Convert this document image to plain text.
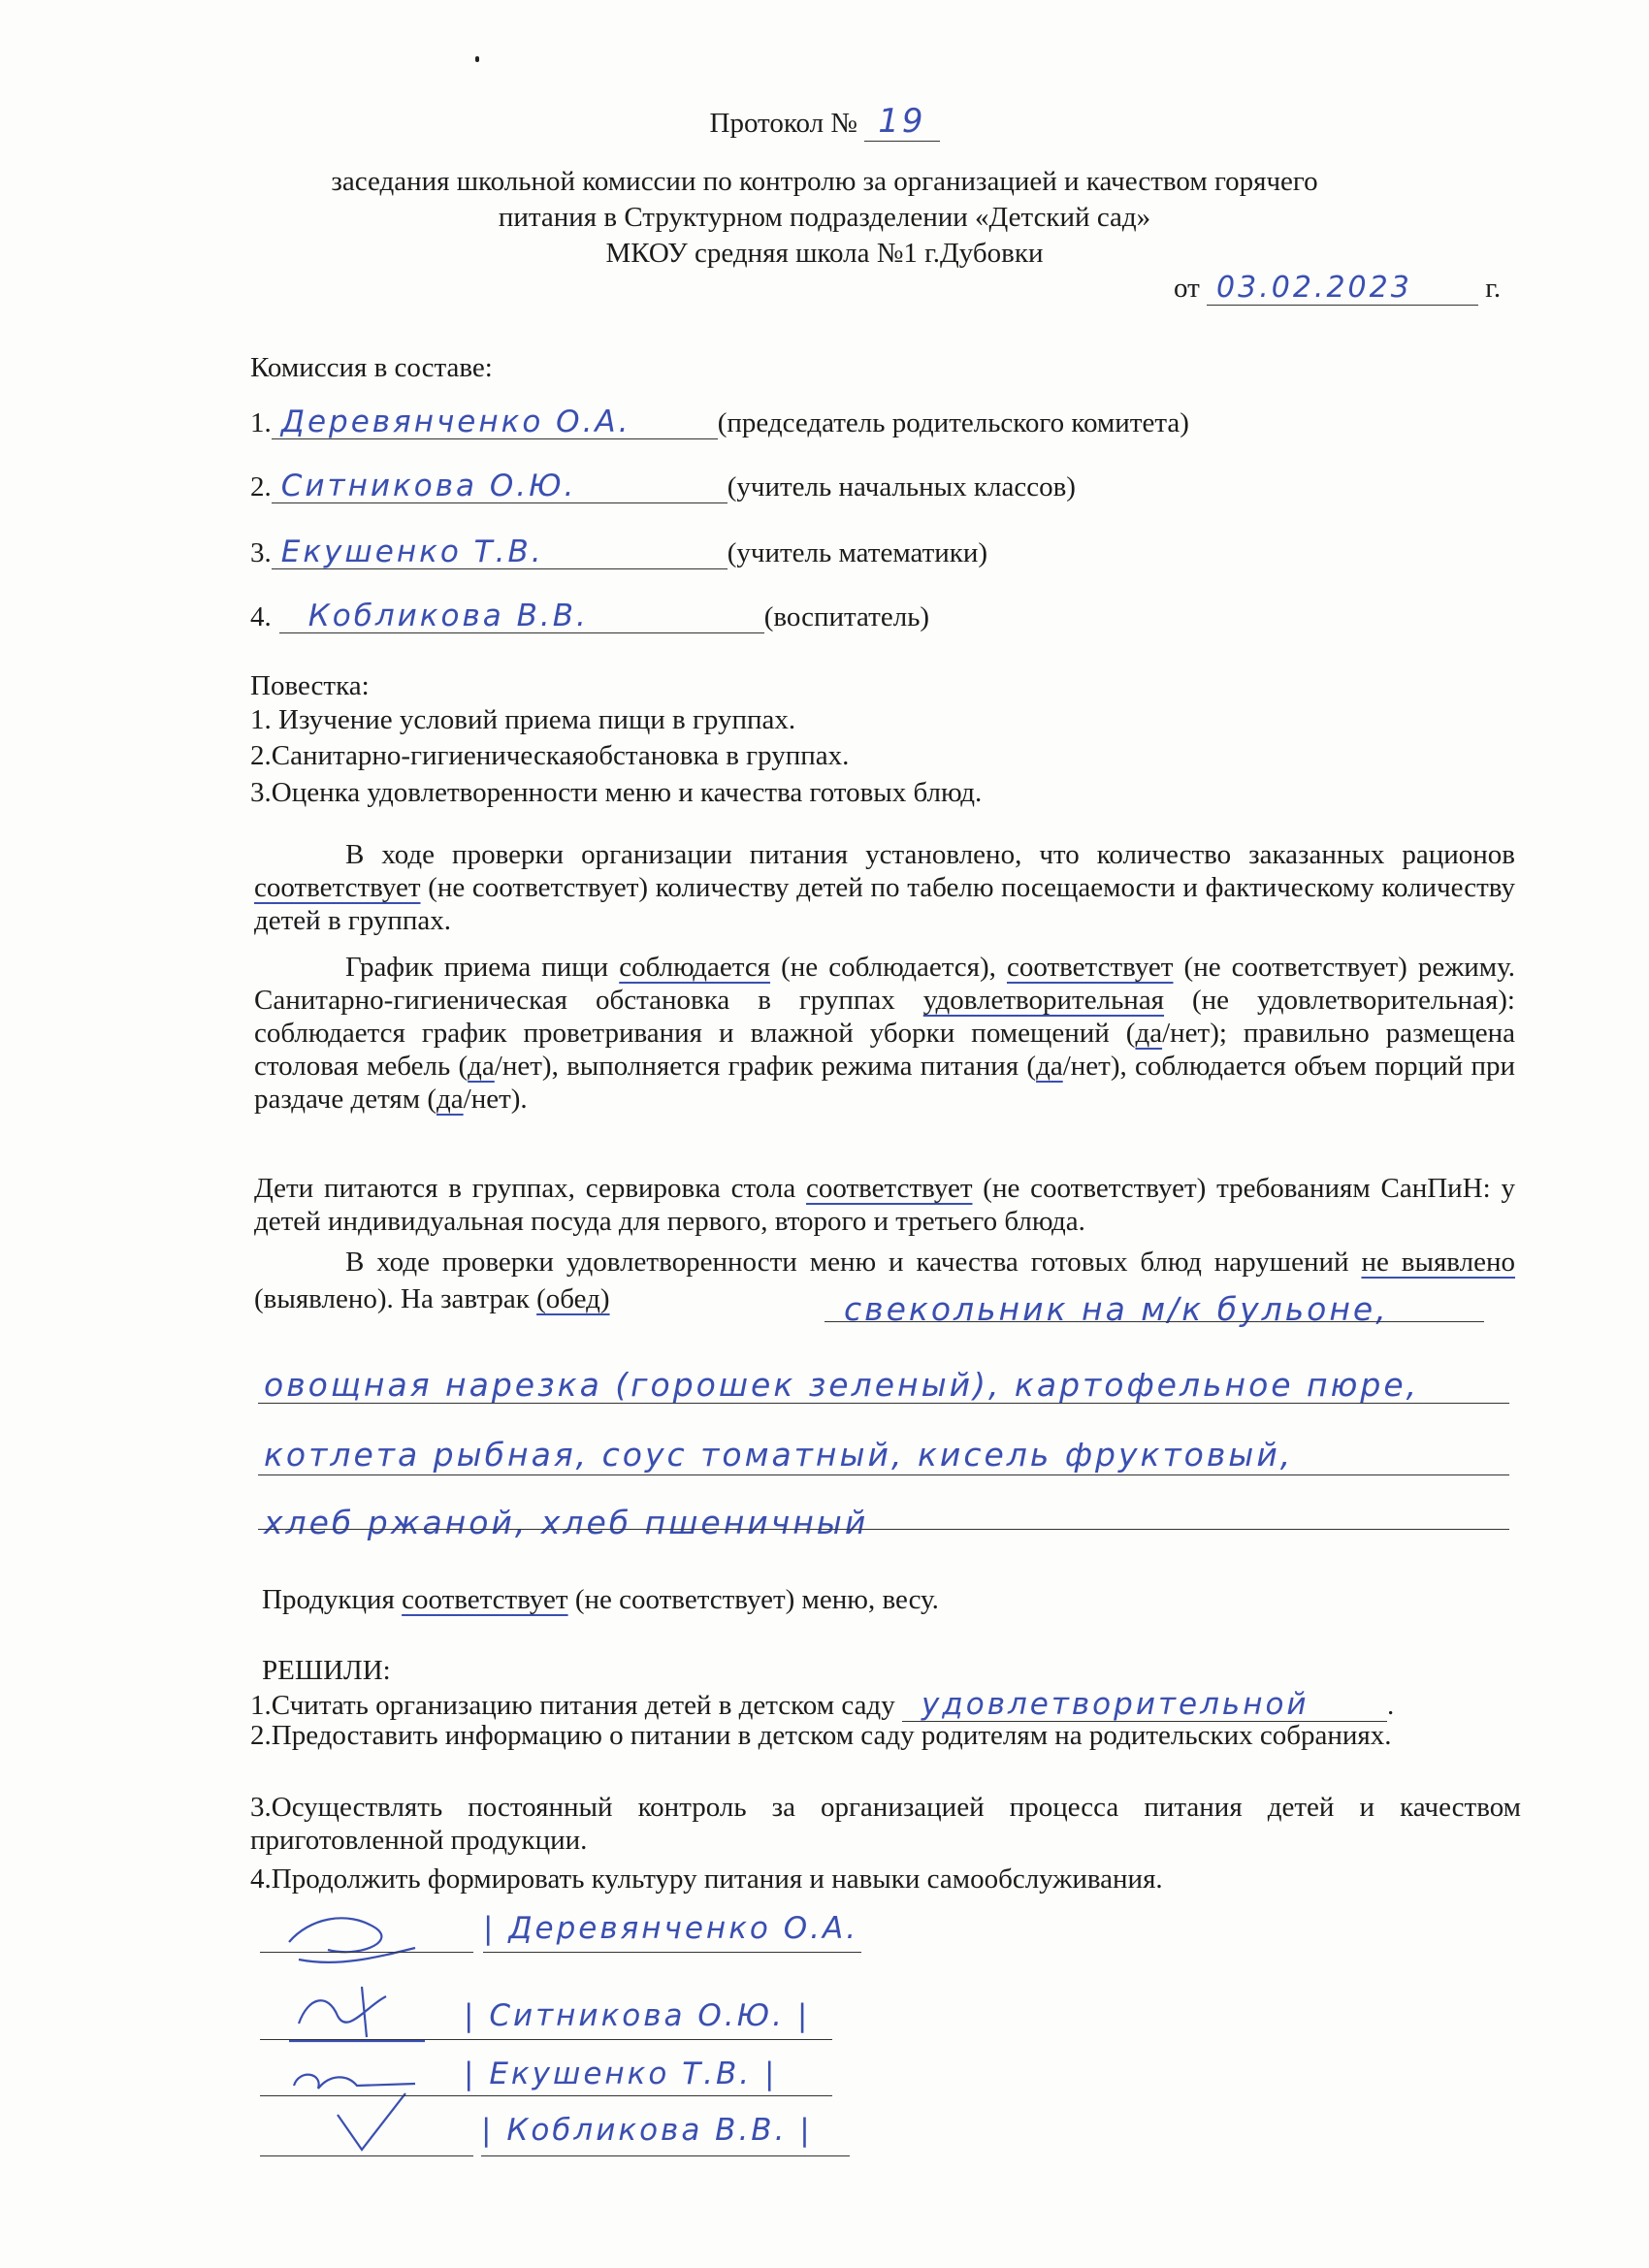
Протокол № 19
заседания школьной комиссии по контролю за организацией и качеством горячего
питания в Структурном подразделении «Детский сад»
МКОУ средняя школа №1 г.Дубовки
от 03.02.2023	г.
Комиссия в составе:
1. Деревянченко О.А.	(председатель родительского комитета)
2. Ситникова О.Ю.	(учитель начальных классов)
3. Екушенко Т.В.	(учитель математики)
4. Кобликова В.В.	(воспитатель)
Повестка:
1. Изучение условий приема пищи в группах.
2.Санитарно-гигиеническаяобстановка в группах.
3.Оценка удовлетворенности меню и качества готовых блюд.
В ходе проверки организации питания установлено, что количество заказанных рационов соответствует (не соответствует) количеству детей по табелю посещаемости и фактическому количеству детей в группах.
График приема пищи соблюдается (не соблюдается), соответствует (не соответствует) режиму. Санитарно-гигиеническая обстановка в группах удовлетворительная (не удовлетворительная): соблюдается график проветривания и влажной уборки помещений (да/нет); правильно размещена столовая мебель (да/нет), выполняется график режима питания (да/нет), соблюдается объем порций при раздаче детям (да/нет).
Дети питаются в группах, сервировка стола соответствует (не соответствует) требованиям СанПиН: у детей индивидуальная посуда для первого, второго и третьего блюда.
В ходе проверки удовлетворенности меню и качества готовых блюд нарушений не выявлено (выявлено). На завтрак (обед)	свекольник на м/к бульоне,
овощная нарезка (горошек зеленый), картофельное пюре,
котлета рыбная, соус томатный, кисель фруктовый,
хлеб ржаной, хлеб пшеничный
Продукция соответствует (не соответствует) меню, весу.
РЕШИЛИ:
1.Считать организацию питания детей в детском саду удовлетворительной	.
2.Предоставить информацию о питании в детском саду родителям на родительских собраниях.
3.Осуществлять постоянный контроль за организацией процесса питания детей и качеством приготовленной продукции.
4.Продолжить формировать культуру питания и навыки самообслуживания.
| Деревянченко О.А.
| Ситникова О.Ю. |
| Екушенко Т.В. |
| Кобликова В.В. |
